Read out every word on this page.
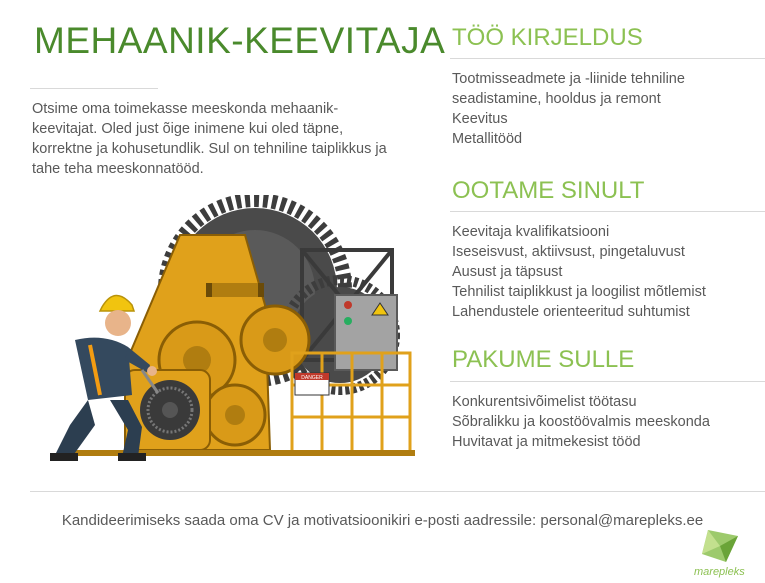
MEHAANIK-KEEVITAJA

Otsime oma toimekasse meeskonda mehaanik-keevitajat. Oled just õige inimene kui oled täpne, korrektne ja kohusetundlik. Sul on tehniline taiplikkus ja tahe teha meeskonnatööd.

TÖÖ KIRJELDUS
Tootmisseadmete ja -liinide tehniline seadistamine, hooldus ja remont
Keevitus
Metallitööd
OOTAME SINULT
Keevitaja kvalifikatsiooni
Iseseisvust, aktiivsust, pingetaluvust
Ausust ja täpsust
Tehnilist taiplikkust ja loogilist mõtlemist
Lahendustele orienteeritud suhtumist
PAKUME SULLE
Konkurentsivõimelist töötasu
Sõbralikku ja koostöövalmis meeskonda
Huvitavat ja mitmekesist tööd
DANGER

Kandideerimiseks saada oma CV ja motivatsioonikiri e-posti aadressile: personal@marepleks.ee

marepleks
